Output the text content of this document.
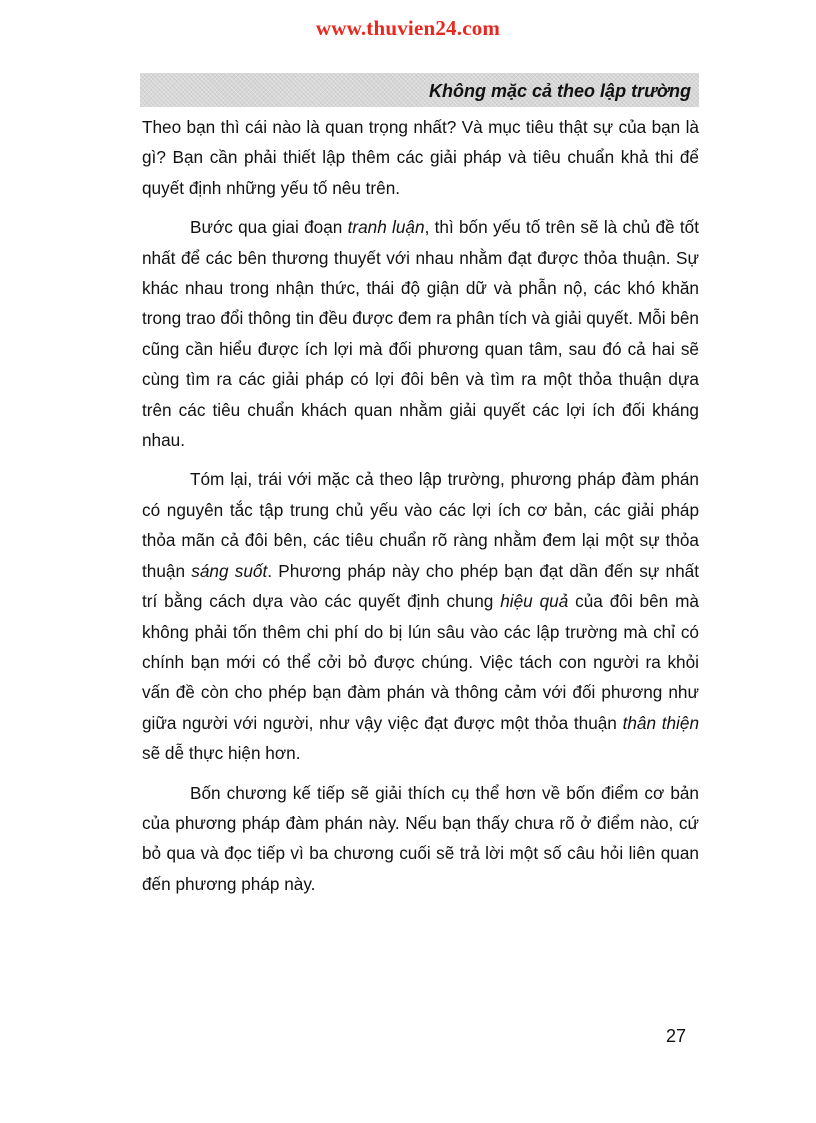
www.thuvien24.com
Không mặc cả theo lập trường

Theo bạn thì cái nào là quan trọng nhất? Và mục tiêu thật sự của bạn là gì? Bạn cần phải thiết lập thêm các giải pháp và tiêu chuẩn khả thi để quyết định những yếu tố nêu trên.

Bước qua giai đoạn tranh luận, thì bốn yếu tố trên sẽ là chủ đề tốt nhất để các bên thương thuyết với nhau nhằm đạt được thỏa thuận. Sự khác nhau trong nhận thức, thái độ giận dữ và phẫn nộ, các khó khăn trong trao đổi thông tin đều được đem ra phân tích và giải quyết. Mỗi bên cũng cần hiểu được ích lợi mà đối phương quan tâm, sau đó cả hai sẽ cùng tìm ra các giải pháp có lợi đôi bên và tìm ra một thỏa thuận dựa trên các tiêu chuẩn khách quan nhằm giải quyết các lợi ích đối kháng nhau.

Tóm lại, trái với mặc cả theo lập trường, phương pháp đàm phán có nguyên tắc tập trung chủ yếu vào các lợi ích cơ bản, các giải pháp thỏa mãn cả đôi bên, các tiêu chuẩn rõ ràng nhằm đem lại một sự thỏa thuận sáng suốt. Phương pháp này cho phép bạn đạt dần đến sự nhất trí bằng cách dựa vào các quyết định chung hiệu quả của đôi bên mà không phải tốn thêm chi phí do bị lún sâu vào các lập trường mà chỉ có chính bạn mới có thể cởi bỏ được chúng. Việc tách con người ra khỏi vấn đề còn cho phép bạn đàm phán và thông cảm với đối phương như giữa người với người, như vậy việc đạt được một thỏa thuận thân thiện sẽ dễ thực hiện hơn.

Bốn chương kế tiếp sẽ giải thích cụ thể hơn về bốn điểm cơ bản của phương pháp đàm phán này. Nếu bạn thấy chưa rõ ở điểm nào, cứ bỏ qua và đọc tiếp vì ba chương cuối sẽ trả lời một số câu hỏi liên quan đến phương pháp này.

27
